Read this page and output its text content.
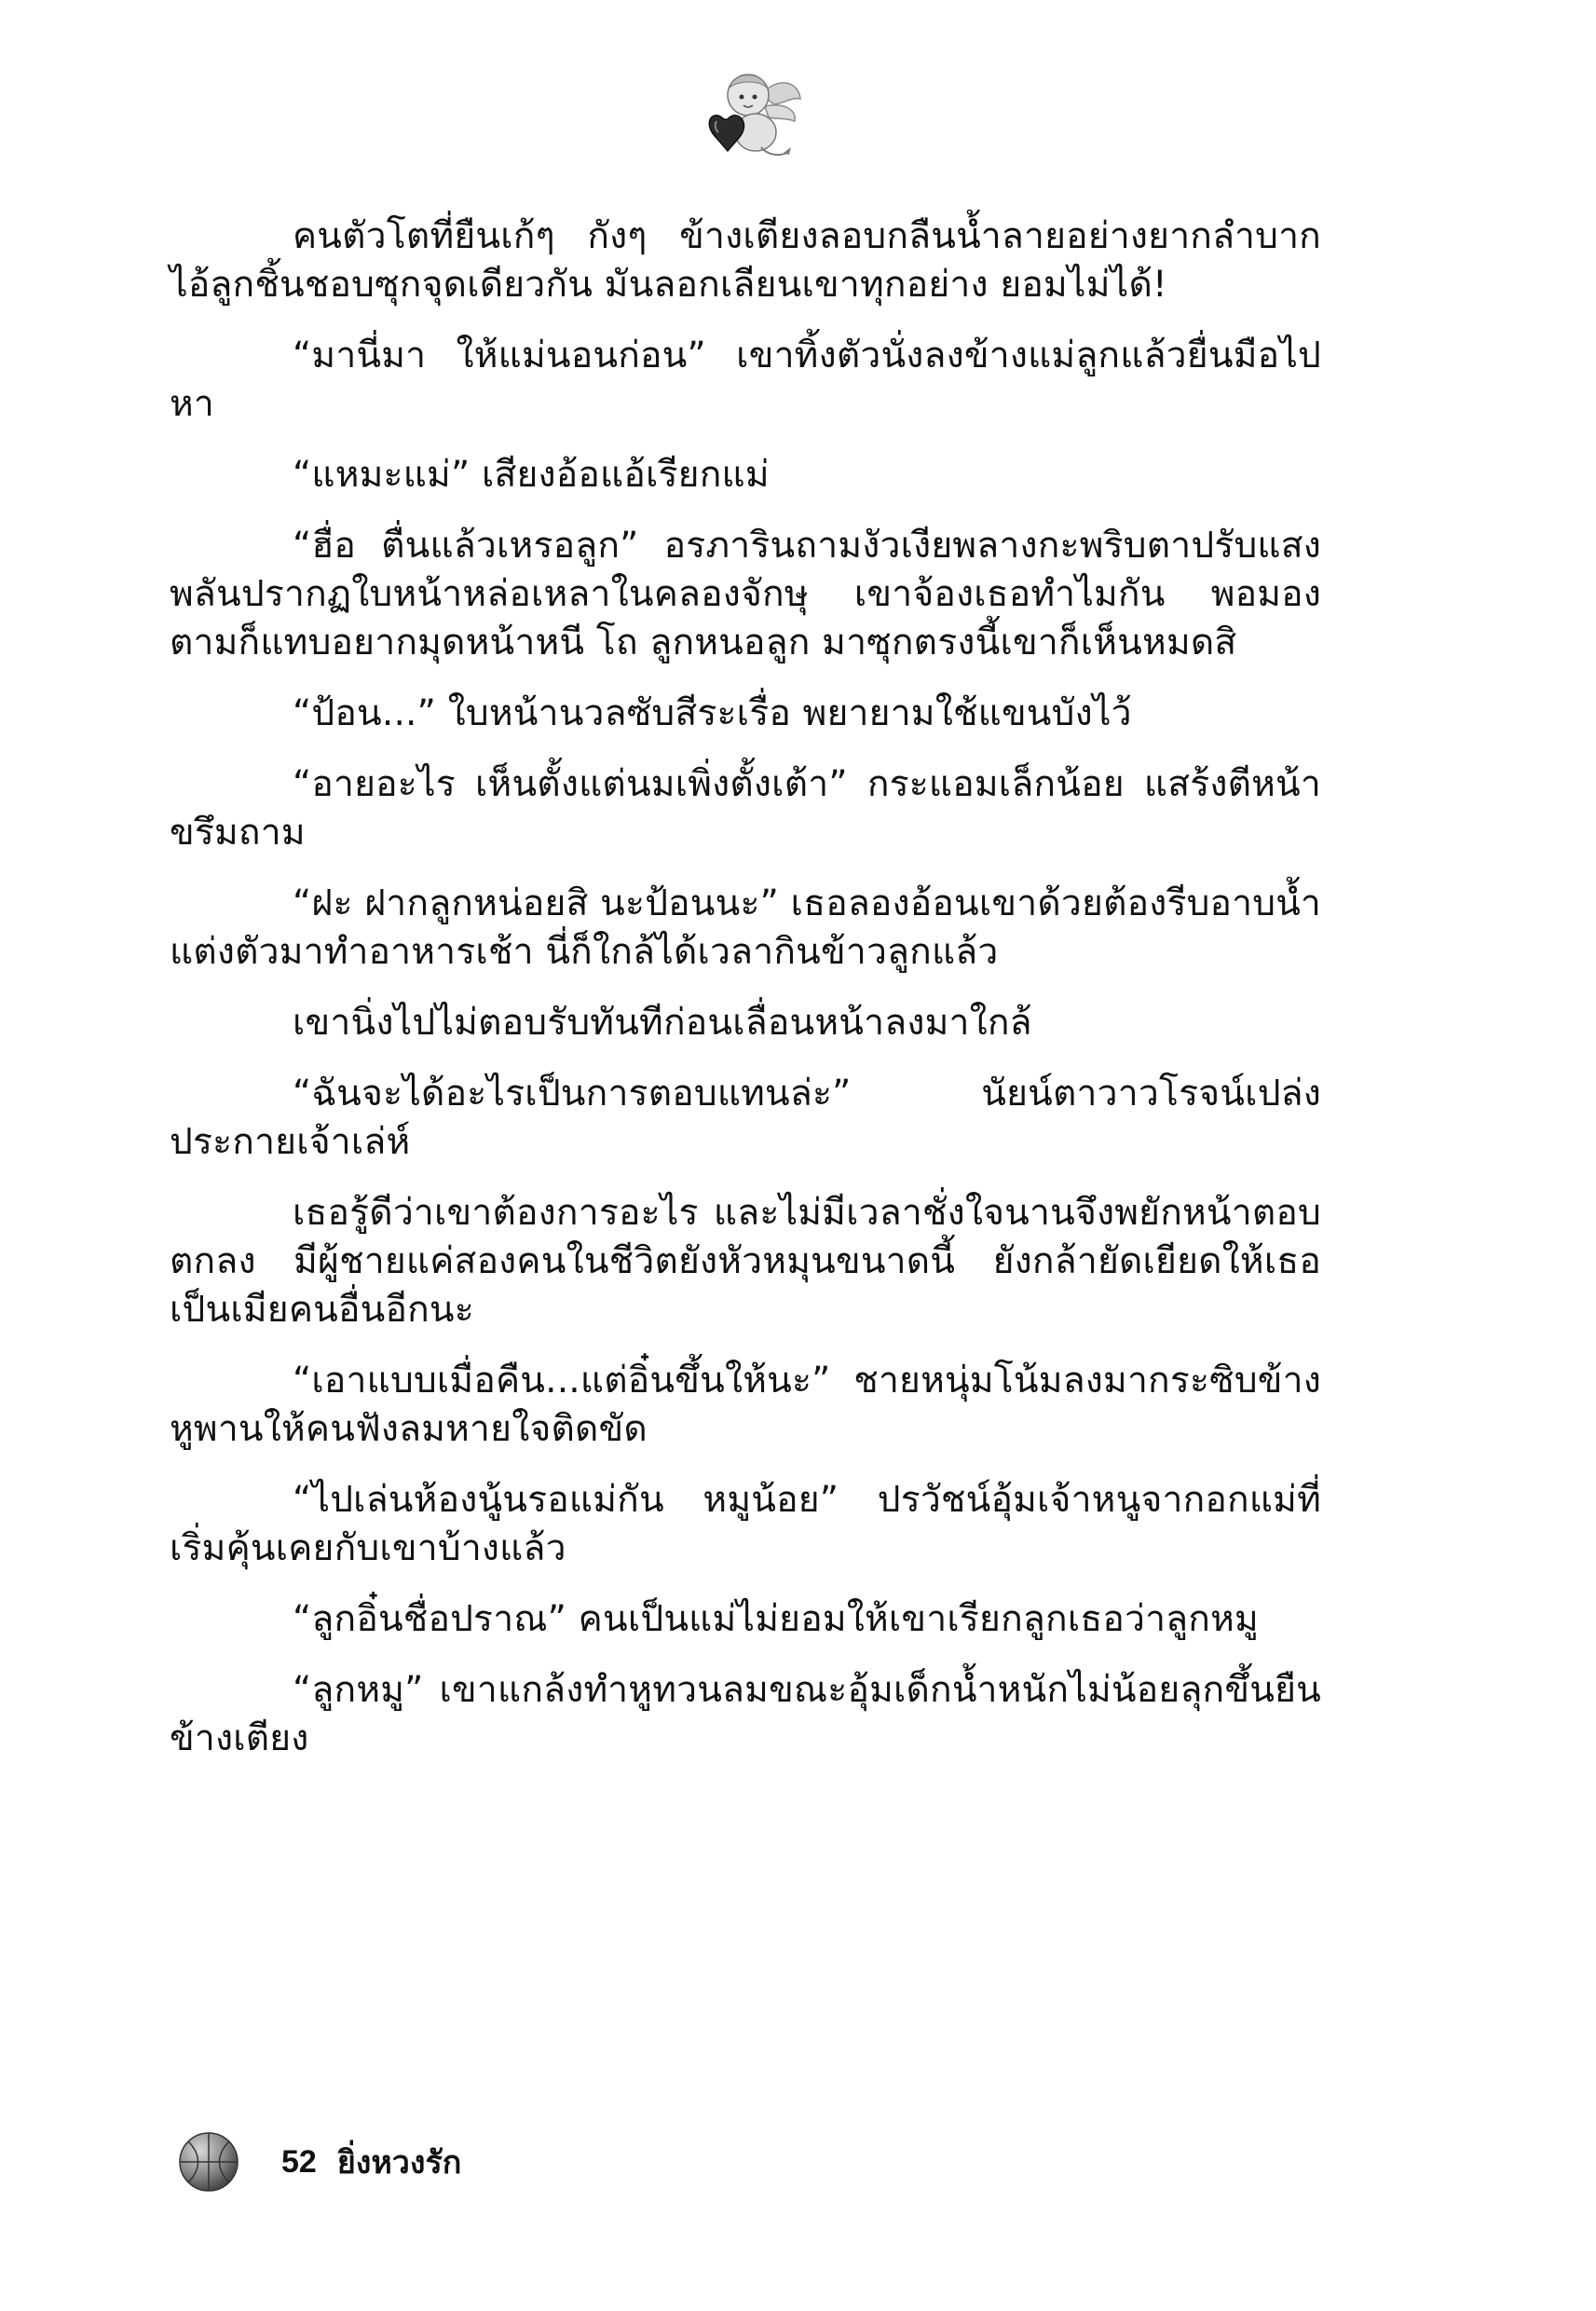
คนตัวโตที่ยืนเก้ๆ กังๆ ข้างเตียงลอบกลืนน้ำลายอย่างยากลำบาก ไอ้ลูกชิ้นชอบซุกจุดเดียวกัน มันลอกเลียนเขาทุกอย่าง ยอมไม่ได้!

“มานี่มา ให้แม่นอนก่อน” เขาทิ้งตัวนั่งลงข้างแม่ลูกแล้วยื่นมือไปหา

“แหมะแม่” เสียงอ้อแอ้เรียกแม่

“ฮื่อ ตื่นแล้วเหรอลูก” อรภารินถามงัวเงียพลางกะพริบตาปรับแสง พลันปรากฏใบหน้าหล่อเหลาในคลองจักษุ เขาจ้องเธอทำไมกัน พอมองตามก็แทบอยากมุดหน้าหนี โถ ลูกหนอลูก มาซุกตรงนี้เขาก็เห็นหมดสิ

“ป้อน...” ใบหน้านวลซับสีระเรื่อ พยายามใช้แขนบังไว้

“อายอะไร เห็นตั้งแต่นมเพิ่งตั้งเต้า” กระแอมเล็กน้อย แสร้งตีหน้าขรึมถาม

“ฝะ ฝากลูกหน่อยสิ นะป้อนนะ” เธอลองอ้อนเขาด้วยต้องรีบอาบน้ำแต่งตัวมาทำอาหารเช้า นี่ก็ใกล้ได้เวลากินข้าวลูกแล้ว

เขานิ่งไปไม่ตอบรับทันทีก่อนเลื่อนหน้าลงมาใกล้

“ฉันจะได้อะไรเป็นการตอบแทนล่ะ” นัยน์ตาวาวโรจน์เปล่งประกายเจ้าเล่ห์

เธอรู้ดีว่าเขาต้องการอะไร และไม่มีเวลาชั่งใจนานจึงพยักหน้าตอบตกลง มีผู้ชายแค่สองคนในชีวิตยังหัวหมุนขนาดนี้ ยังกล้ายัดเยียดให้เธอเป็นเมียคนอื่นอีกนะ

“เอาแบบเมื่อคืน...แต่อิ๋นขึ้นให้นะ” ชายหนุ่มโน้มลงมากระซิบข้างหูพานให้คนฟังลมหายใจติดขัด

“ไปเล่นห้องนู้นรอแม่กัน หมูน้อย” ปรวัชน์อุ้มเจ้าหนูจากอกแม่ที่เริ่มคุ้นเคยกับเขาบ้างแล้ว

“ลูกอิ๋นชื่อปราณ” คนเป็นแม่ไม่ยอมให้เขาเรียกลูกเธอว่าลูกหมู

“ลูกหมู” เขาแกล้งทำหูทวนลมขณะอุ้มเด็กน้ำหนักไม่น้อยลุกขึ้นยืนข้างเตียง

52 ยิ่งหวงรัก
